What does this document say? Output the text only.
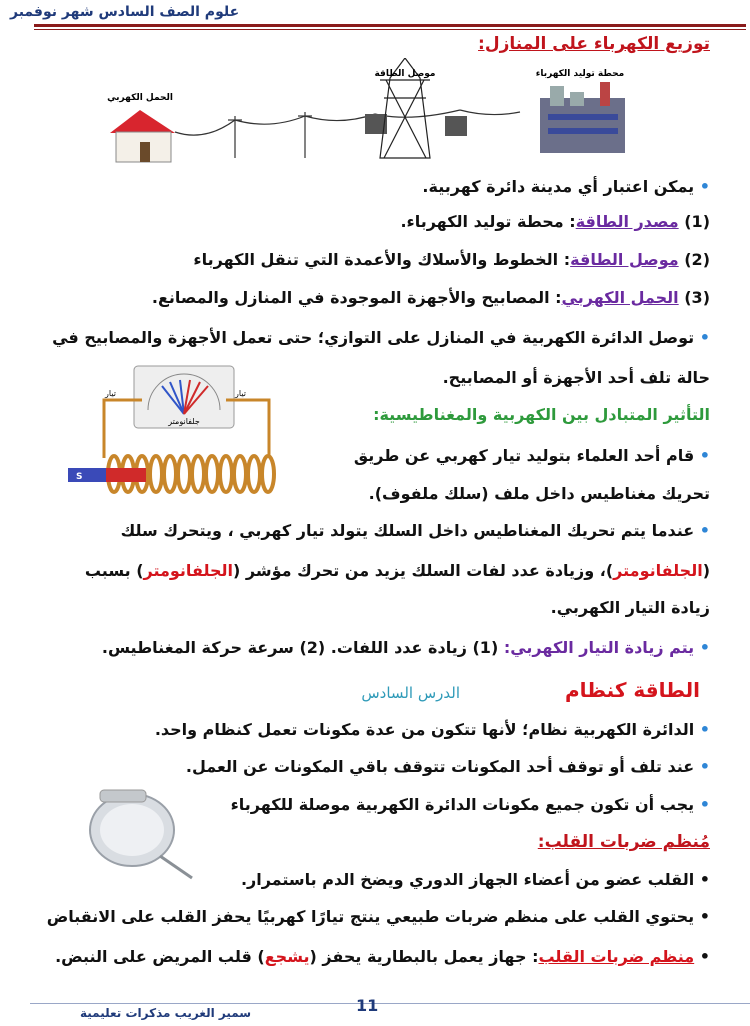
علوم الصف السادس شهر نوفمبر
توزيع الكهرباء على المنازل:
الحمل الكهربي
موصل الطاقة	محطة توليد الكهرباء
• يمكن اعتبار أي مدينة دائرة كهربية.
(1) مصدر الطاقة: محطة توليد الكهرباء.
(2) موصل الطاقة: الخطوط والأسلاك والأعمدة التي تنقل الكهرباء
(3) الحمل الكهربي: المصابيح والأجهزة الموجودة في المنازل والمصانع.
• توصل الدائرة الكهربية في المنازل على التوازي؛ حتى تعمل الأجهزة والمصابيح في
حالة تلف أحد الأجهزة أو المصابيح.
جلفانومتر
تيار	تيار
S
التأثير المتبادل بين الكهربية والمغناطيسية:
• قام أحد العلماء بتوليد تيار كهربي عن طريق
تحريك مغناطيس داخل ملف (سلك ملفوف).
• عندما يتم تحريك المغناطيس داخل السلك يتولد تيار كهربي ، ويتحرك سلك
(الجلفانومتر)، وزيادة عدد لفات السلك يزيد من تحرك مؤشر (الجلفانومتر) بسبب
زيادة التيار الكهربي.
• يتم زيادة التيار الكهربي: (1) زيادة عدد اللفات. (2) سرعة حركة المغناطيس.
الطاقة كنظام
الدرس السادس
• الدائرة الكهربية نظام؛ لأنها تتكون من عدة مكونات تعمل كنظام واحد.
• عند تلف أو توقف أحد المكونات تتوقف باقي المكونات عن العمل.
• يجب أن تكون جميع مكونات الدائرة الكهربية موصلة للكهرباء
مُنظم ضربات القلب:
• القلب عضو من أعضاء الجهاز الدوري ويضخ الدم باستمرار.
• يحتوي القلب على منظم ضربات طبيعي ينتج تيارًا كهربيًا يحفز القلب على الانقباض
• منظم ضربات القلب: جهاز يعمل بالبطارية يحفز (يشجع) قلب المريض على النبض.
11
سمير الغريب مذكرات تعليمية
